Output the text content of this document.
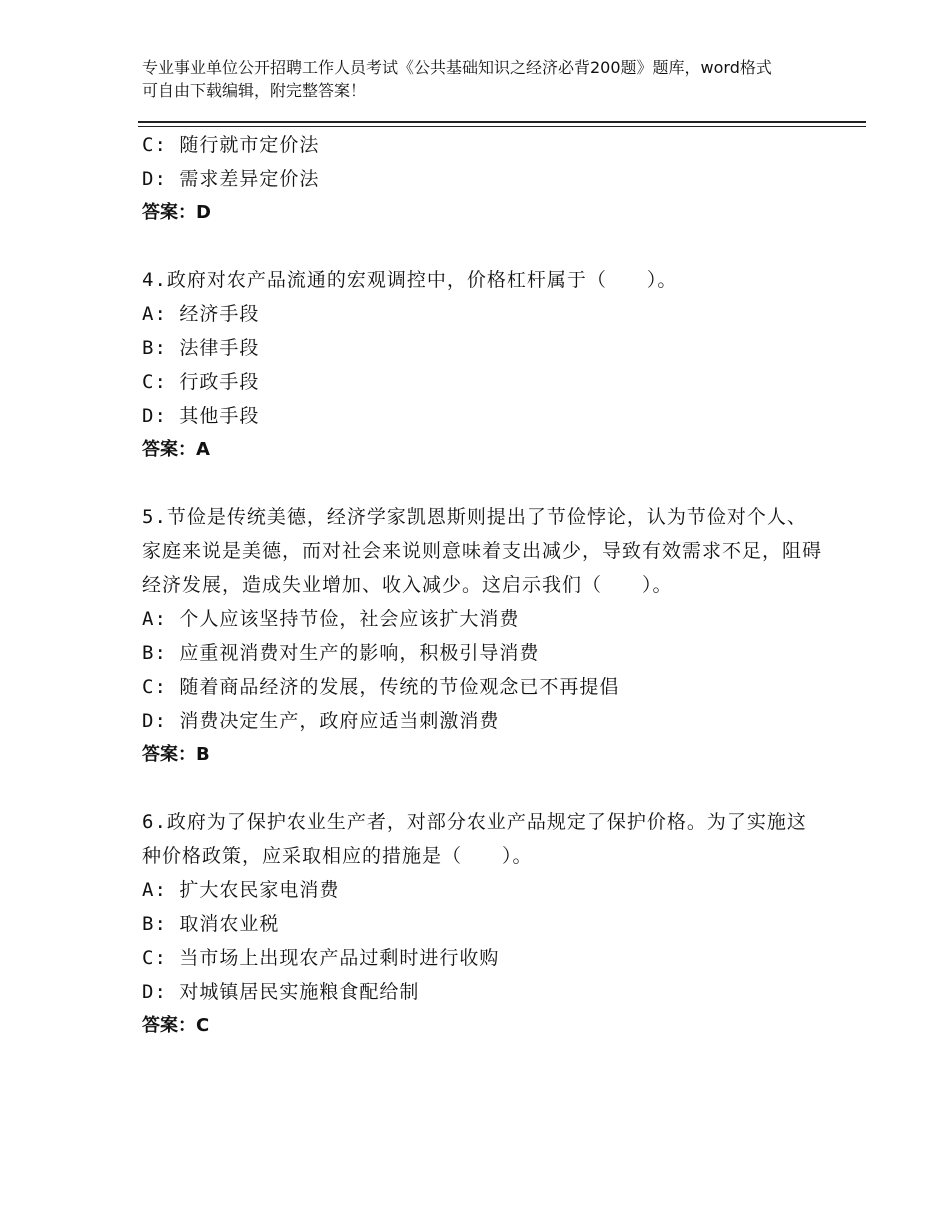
专业事业单位公开招聘工作人员考试《公共基础知识之经济必背200题》题库，word格式可自由下载编辑，附完整答案！
C: 随行就市定价法
D: 需求差异定价法
答案：D
4.政府对农产品流通的宏观调控中，价格杠杆属于（　　）。
A: 经济手段
B: 法律手段
C: 行政手段
D: 其他手段
答案：A
5.节俭是传统美德，经济学家凯恩斯则提出了节俭悖论，认为节俭对个人、家庭来说是美德，而对社会来说则意味着支出减少，导致有效需求不足，阻碍经济发展，造成失业增加、收入减少。这启示我们（　　）。
A: 个人应该坚持节俭，社会应该扩大消费
B: 应重视消费对生产的影响，积极引导消费
C: 随着商品经济的发展，传统的节俭观念已不再提倡
D: 消费决定生产，政府应适当刺激消费
答案：B
6.政府为了保护农业生产者，对部分农业产品规定了保护价格。为了实施这种价格政策，应采取相应的措施是（　　）。
A: 扩大农民家电消费
B: 取消农业税
C: 当市场上出现农产品过剩时进行收购
D: 对城镇居民实施粮食配给制
答案：C
